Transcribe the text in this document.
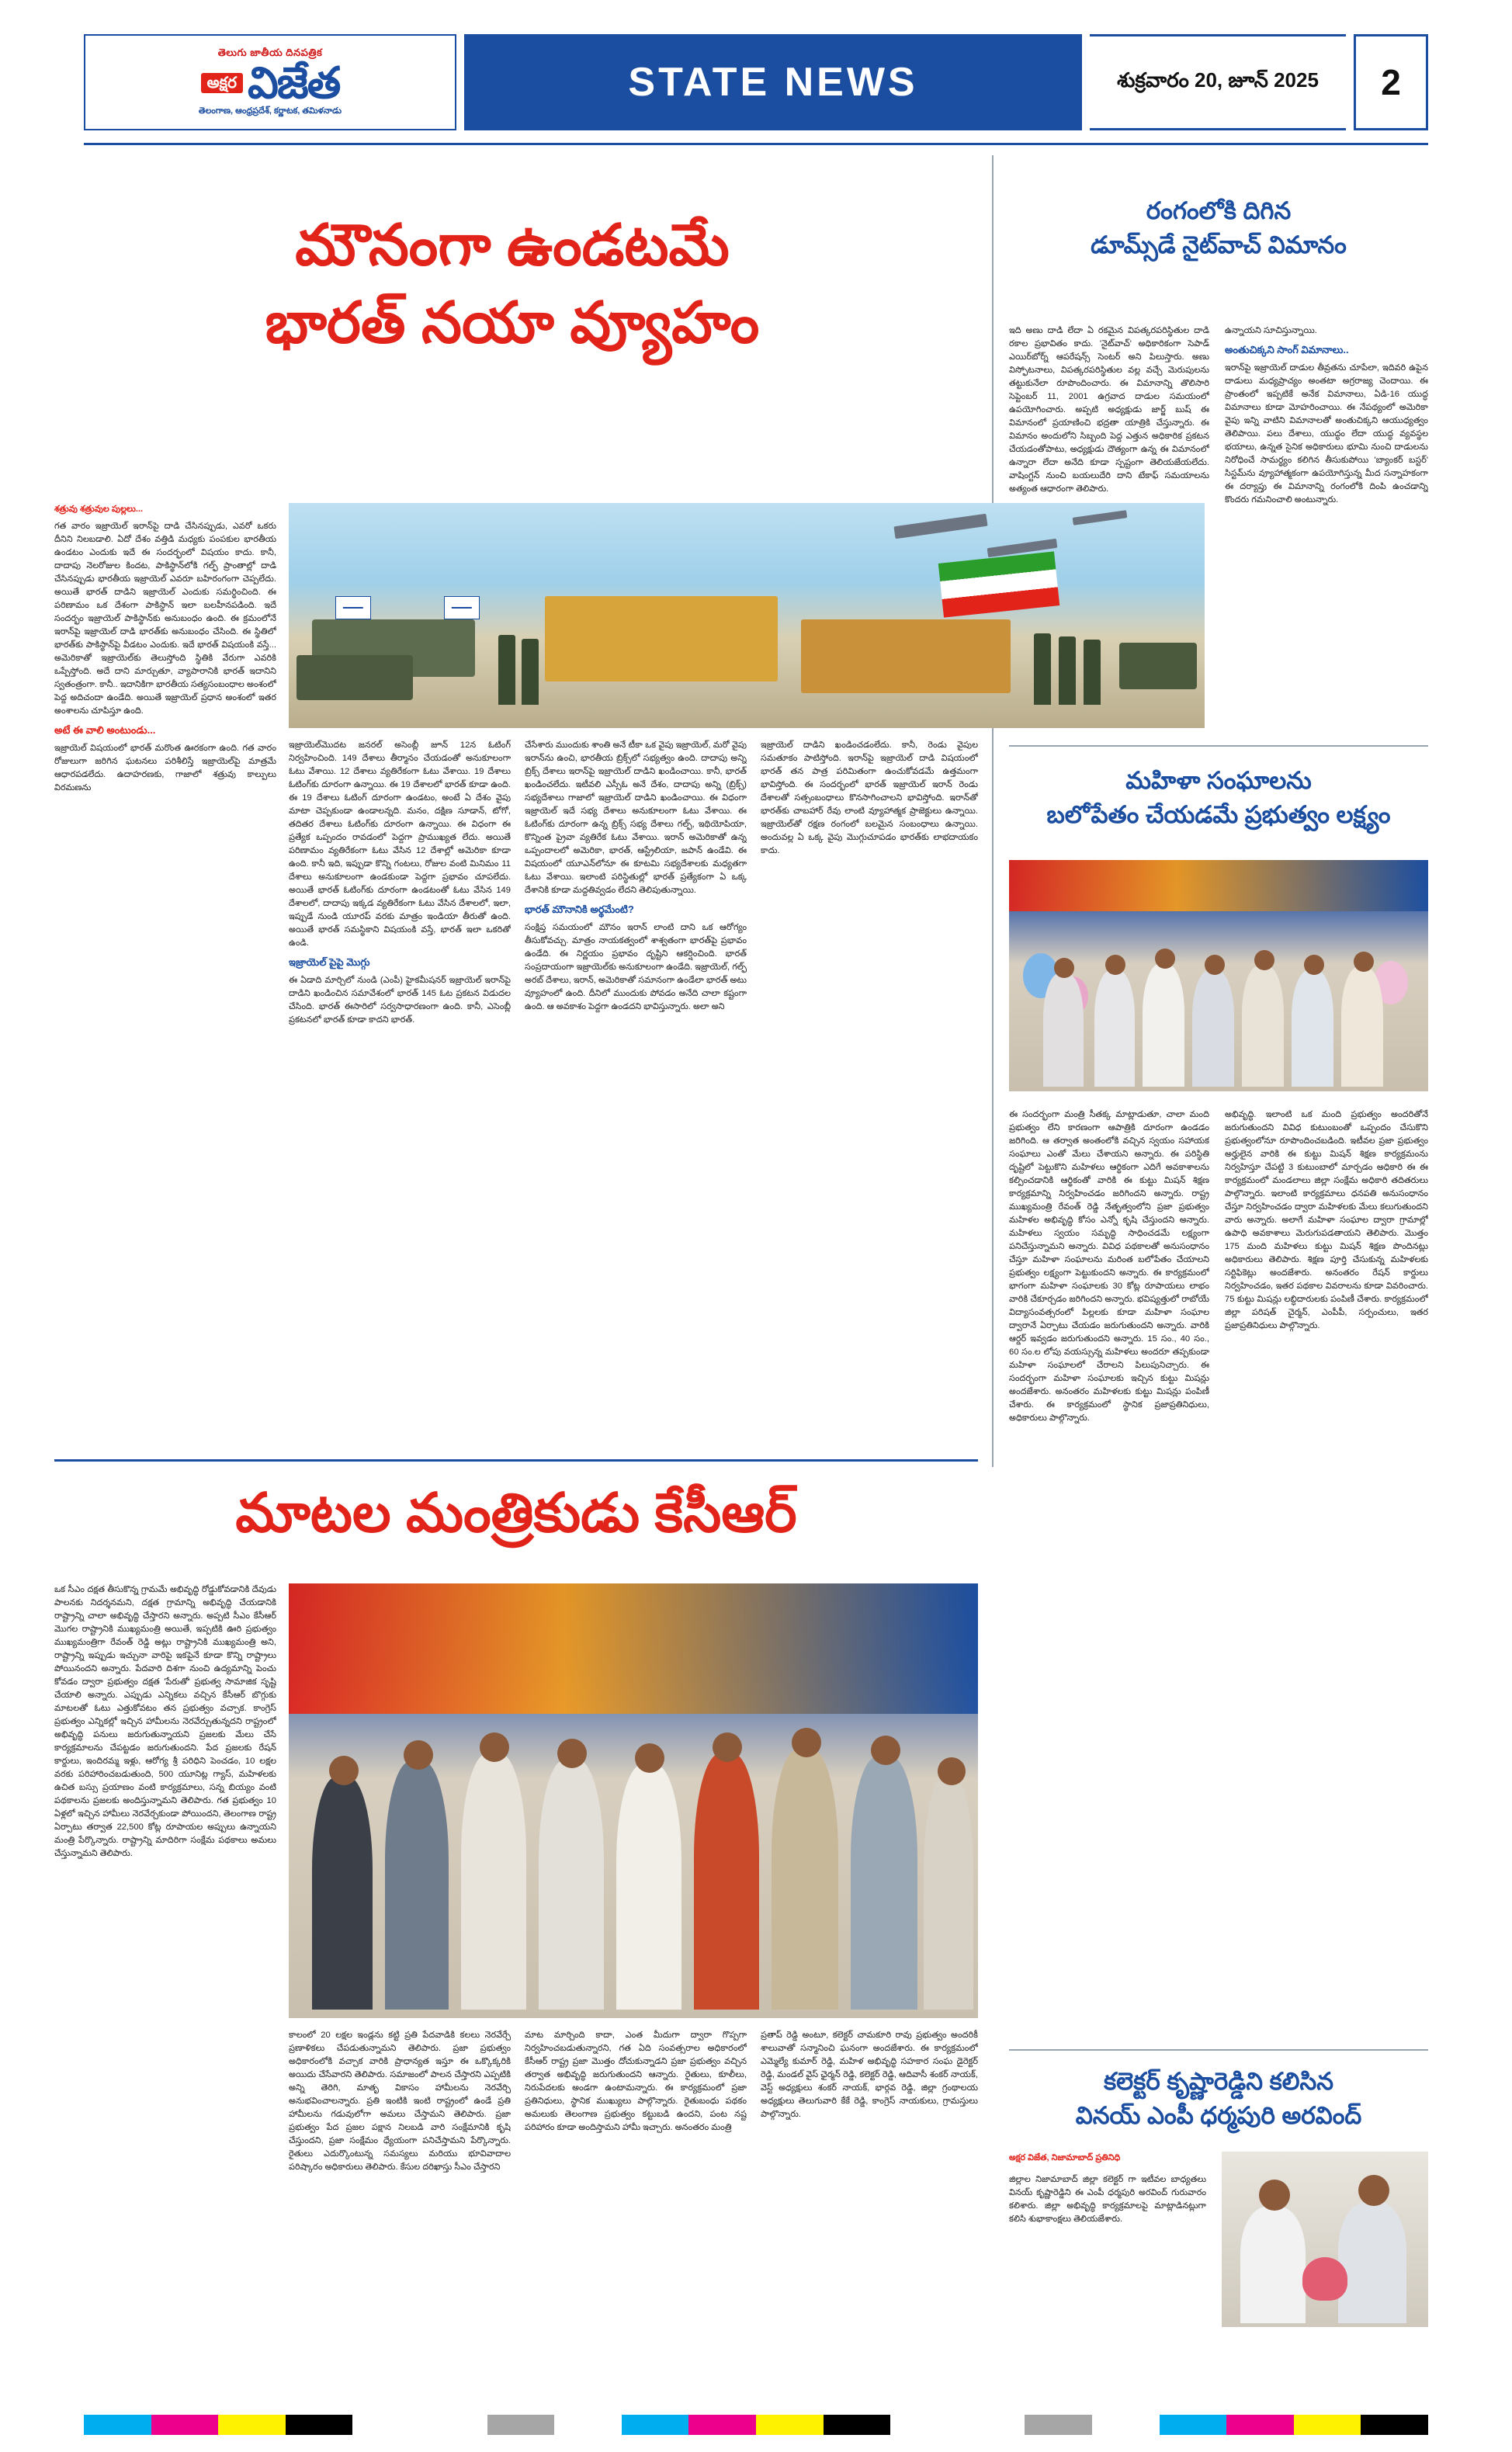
తెలుగు జాతీయ దినపత్రిక
అక్షర విజేత
తెలంగాణ, ఆంధ్రప్రదేశ్, కర్ణాటక, తమిళనాడు
STATE NEWS	శుక్రవారం 20, జూన్ 2025	2
మౌనంగా ఉండటమే
భారత్ నయా వ్యూహం

శత్రువు శత్రువుల పుల్లలు...

గత వారం ఇజ్రాయెల్ ఇరాన్‌పై దాడి చేసినప్పుడు, ఎవరో ఒకరు దీనిని నిలబడాలి. ఏదో దేశం వత్తిడి మధ్యకు పంపకుల భారతీయ ఉండటం ఎందుకు ఇదే ఈ సందర్భంలో విషయం కాదు. కానీ, దాదాపు నెలరోజుల కిందట, పాకిస్థాన్‌లోకి గల్ఫ్ ప్రాంతాల్లో దాడి చేసినప్పుడు భారతీయ ఇజ్రాయెల్ ఎవరూ బహిరంగంగా చెప్పలేదు. అయితే భారత్ దాడిని ఇజ్రాయెల్ ఎందుకు సమర్థించింది. ఈ పరిణామం ఒక దేశంగా పాకిస్థాన్ ఇలా బలహీనపడింది. ఇదే సందర్భం ఇజ్రాయెల్ పాకిస్థాన్‌కు అనుబంధం ఉంది. ఈ క్రమంలోనే ఇరాన్‌పై ఇజ్రాయెల్ దాడి భారత్‌కు అనుబంధం చేసింది. ఈ స్థితిలో భారత్‌కు పాకిస్థాన్‌పై వీడటం ఎందుకు. ఇదే భారత్ విషయంకి వస్తే... అమెరికాతో ఇజ్రాయెల్‌కు తెలుస్తోంది స్థితికి వేరుగా ఎవరికి ఒప్పేస్తోంది. అదే దాని మార్చుతూ, వ్యాపారానికి భారత్ ఇదానిని స్వతంత్రంగా. కానీ.. ఇదానికిగా భారతీయ సత్యసంబంధాల అంశంలో పెద్ద అదిచందా ఉండేది. అయితే ఇజ్రాయెల్ ప్రధాన అంశంలో ఇతర అంశాలను చూపిస్తూ ఉంది.

అటే ఈ వాలి అంటుండు...

ఇజ్రాయెల్ విషయంలో భారత్ మరొంత ఊరకంగా ఉంది. గత వారం రోజులుగా జరిగిన ఘటనలు పరిశీలిస్తే ఇజ్రాయెల్‌పై మాత్రమే ఆధారపడలేదు. ఉదాహరణకు, గాజాలో శత్రువు కాల్పులు విరమణను

ఇజ్రాయెల్‌మొదట జనరల్ అసెంబ్లీ జూన్ 12న ఓటింగ్ నిర్వహించింది. 149 దేశాలు తీర్మానం చేయడంతో అనుకూలంగా ఓటు వేశాయి. 12 దేశాలు వ్యతిరేకంగా ఓటు వేశాయి. 19 దేశాలు ఓటింగ్‌కు దూరంగా ఉన్నాయి. ఈ 19 దేశాలలో భారత్ కూడా ఉంది. ఈ 19 దేశాలు ఓటింగ్ దూరంగా ఉండటం, అంటే ఏ దేశం వైపు మాటా చెప్పకుండా ఉండాలన్నది. మనం, దక్షిణ సూడాన్, టోగో, తదితర దేశాలు ఓటింగ్‌కు దూరంగా ఉన్నాయి. ఈ విధంగా ఈ ప్రత్యేక ఒప్పందం రావడంలో పెద్దగా ప్రాముఖ్యత లేదు. అయితే పరిణామం వ్యతిరేకంగా ఓటు వేసిన 12 దేశాల్లో అమెరికా కూడా ఉంది. కానీ ఇది, ఇప్పుడా కొన్ని గంటలు, రోజుల వంటి మినిమం 11 దేశాలు అనుకూలంగా ఉండకుండా పెద్దగా ప్రభావం చూపలేదు. అయితే భారత్ ఓటింగ్‌కు దూరంగా ఉండటంతో ఓటు వేసిన 149 దేశాలలో, దాదాపు ఇక్కడ వ్యతిరేకంగా ఓటు వేసిన దేశాలలో, ఇలా, ఇప్పుడే నుండి యూరప్ వరకు మాత్రం ఇండియా తీరుతో ఉంది. అయితే భారత్ సమస్థికాని విషయంకి వస్తే, భారత్ ఇలా ఒకరితో ఉండి.

ఇజ్రాయెల్ పైపై మొగ్గు

ఈ ఏడాది మార్చిలో నుండి (ఎంపీ) హైకమీషనర్ ఇజ్రాయెల్ ఇరాన్‌పై దాడిని ఖండించిన సమావేశంలో భారత్ 145 ఓట ప్రకటన విడుదల చేసింది. భారత్ ఈసారిలో సర్వసాధారణంగా ఉంది. కానీ, ఎసెంబ్లీ ప్రకటనలో భారత్ కూడా కాదని భారత్.

చేసేశారు ముందుకు శాంతి అనే టీకా ఒక వైపు ఇజ్రాయెల్, మరో వైపు ఇరాన్‌ను ఉంచి, భారతీయ బ్రిక్స్‌లో సభ్యత్వం ఉంది. దాదాపు అన్ని బ్రిక్స్ దేశాలు ఇరాన్‌పై ఇజ్రాయెల్ దాడిని ఖండించాయి. కానీ, భారత్ ఖండించలేదు. ఇటీవలి ఎస్సీఓ అనే దేశం, దాదాపు అన్ని (బ్రిక్స్) సభ్యదేశాలు గాజాలో ఇజ్రాయెల్ దాడిని ఖండించాయి. ఈ విధంగా ఇజ్రాయెల్ ఇదే సభ్య దేశాలు అనుకూలంగా ఓటు వేశాయి. ఈ ఓటింగ్‌కు దూరంగా ఉన్న బ్రిక్స్ సభ్య దేశాలు గల్ఫ్, ఇథియోపియా, కొన్నింత ప్రైవా వ్యతిరేక ఓటు వేశాయి. ఇరాన్ అమెరికాతో ఉన్న ఒప్పందాలలో అమెరికా, భారత్, ఆస్ట్రేలియా, జపాన్ ఉండేవి. ఈ విషయంలో యూఎన్‌లోనూ ఈ కూటమి సభ్యదేశాలకు మధ్యతగా ఓటు వేశాయి. ఇలాంటి పరిస్థితుల్లో భారత్ ప్రత్యేకంగా ఏ ఒక్క దేశానికి కూడా మద్దతివ్వడం లేదని తెలిపుతున్నాయి.

భారత్ మౌనానికి అర్థమేంటి?

సంక్షిప్త సమయంలో మౌనం ఇరాన్ లాంటి దాని ఒక ఆరోగ్యం తీసుకోవచ్చు. మాత్రం నాయకత్వంలో శాశ్వతంగా భారత్‌పై ప్రభావం ఉండేది. ఈ నిర్ణయం ప్రభావం దృష్టిని ఆకర్షించింది. భారత్ సంప్రదాయంగా ఇజ్రాయెల్‌కు అనుకూలంగా ఉండేది. ఇజ్రాయెల్, గల్ఫ్ అరబ్ దేశాలు, ఇరాన్, అమెరికాతో సమానంగా ఉండేలా భారత్ అటు వ్యూహంలో ఉంది. దీనిలో ముందుకు పోవడం అనేది చాలా కష్టంగా ఉంది. ఆ అవకాశం పెద్దగా ఉండదని భావిస్తున్నారు. అలా అని

ఇజ్రాయెల్ దాడిని ఖండించడంలేదు. కానీ, రెండు వైపుల సమతూకం పాటిస్తోంది. ఇరాన్‌పై ఇజ్రాయెల్ దాడి విషయంలో భారత్ తన పాత్ర పరిమితంగా ఉంచుకోవడమే ఉత్తమంగా భావిస్తోంది. ఈ సందర్భంలో భారత్ ఇజ్రాయెల్ ఇరాన్ రెండు దేశాలతో సత్సంబంధాలు కొనసాగించాలని భావిస్తోంది. ఇరాన్‌తో భారత్‌కు చాబహార్ రేవు లాంటి వ్యూహాత్మక ప్రాజెక్టులు ఉన్నాయి. ఇజ్రాయెల్‌తో రక్షణ రంగంలో బలమైన సంబంధాలు ఉన్నాయి. అందువల్ల ఏ ఒక్క వైపు మొగ్గుచూపడం భారత్‌కు లాభదాయకం కాదు.

రంగంలోకి దిగిన
డూమ్స్‌డే నైట్‌వాచ్ విమానం

ఇది అణు దాడి లేదా ఏ రకమైన విపత్కరపరిస్థితుల దాడి రకాల ప్రభావితం కాదు. 'నైట్‌వాచ్' అధికారికంగా సెపాడ్ ఎయిర్‌బోర్న్ ఆపరేషన్స్ సెంటర్ అని పిలుస్తారు. అణు విస్ఫోటనాలు, విపత్కరపరిస్థితుల వల్ల వచ్చే మెరుపులను తట్టుకునేలా రూపొందించారు. ఈ విమానాన్ని తొలిసారి సెప్టెంబర్ 11, 2001 ఉగ్రవాద దాడుల సమయంలో ఉపయోగించారు. అప్పటి అధ్యక్షుడు జార్జ్ బుష్ ఈ విమానంలో ప్రయాణించి భద్రతా యాత్రికి చేస్తున్నారు. ఈ విమానం అందులోని సిబ్బంది పెద్ద ఎత్తున అధికారిక ప్రకటన చేయడంతోపాటు, అధ్యక్షుడు దౌత్యంగా ఉన్న ఈ విమానంలో ఉన్నారా లేదా అనేది కూడా స్పష్టంగా తెలియజేయలేదు. వాషింగ్టన్ నుంచి బయలుదేరి దాని టేకాఫ్ సమయాలను అత్యంత ఆధారంగా తెలిపారు.

ఉన్నాయని సూచిస్తున్నాయి.

అంతుచిక్కని సాంగ్ విమానాలు..

ఇరాన్‌పై ఇజ్రాయెల్ దాడుల తీవ్రతను చూపేలా, ఇదివరి ఉపైన దాడులు మధ్యప్రాచ్యం అంతటా అగ్రరాజ్య చెందాయి. ఈ ప్రాంతంలో ఇప్పటికే అనేక విమానాలు, ఏడి-16 యుద్ధ విమానాలు కూడా మోహరించాయి. ఈ నేపథ్యంలో అమెరికా వైపు ఇన్ని వాటిని విమానాలతో అంతుచిక్కని ఆయుధ్యత్వం తెలిపాయి. పలు దేశాలు, యుద్ధం లేదా యుద్ధ వ్యవస్థల భయాలు, ఉన్నత సైనిక అధికారులు భూమి నుంచి దాడులను నిరోధించే సామర్థ్యం కలిగిన తీసుకుపోయి 'బ్యాంకర్ బస్టర్' సిస్టమ్‌ను వ్యూహాత్మకంగా ఉపయోగిస్తున్న మీద సన్నాహకంగా ఈ దర్యాప్తు ఈ విమానాన్ని రంగంలోకి దింపి ఉంచడాన్ని కొందరు గమనించాలి అంటున్నారు.

మహిళా సంఘాలను
బలోపేతం చేయడమే ప్రభుత్వం లక్ష్యం

ఈ సందర్భంగా మంత్రి సీతక్క మాట్లాడుతూ, చాలా మంది ప్రభుత్వం లేని కారణంగా ఆపాత్రికి దూరంగా ఉండడం జరిగింది. ఆ తర్వాత అంతంలోకి వచ్చిన స్వయం సహాయక సంఘాలు ఎంతో మేలు చేశాయని అన్నారు. ఈ పరిస్థితి దృష్టిలో పెట్టుకొని మహిళలు ఆర్థికంగా ఎదిగే అవకాశాలను కల్పించడానికి ఆర్థికంతో వారికి ఈ కుట్టు మిషన్ శిక్షణ కార్యక్రమాన్ని నిర్వహించడం జరిగిందని అన్నారు. రాష్ట్ర ముఖ్యమంత్రి రేవంత్ రెడ్డి నేతృత్వంలోని ప్రజా ప్రభుత్వం మహిళల అభివృద్ధి కోసం ఎన్నో కృషి చేస్తుందని అన్నారు. మహిళలు స్వయం సమృద్ధి సాధించడమే లక్ష్యంగా పనిచేస్తున్నామని అన్నారు. వివిధ పథకాలతో అనుసంధానం చేస్తూ మహిళా సంఘాలను మరింత బలోపేతం చేయాలని ప్రభుత్వం లక్ష్యంగా పెట్టుకుందని అన్నారు. ఈ కార్యక్రమంలో భాగంగా మహిళా సంఘాలకు 30 కోట్ల రూపాయలు లాభం వారికి చేకూర్చడం జరిగిందని అన్నారు. భవిష్యత్తులో రాబోయే విద్యాసంవత్సరంలో పిల్లలకు కూడా మహిళా సంఘాల ద్వారానే ఏర్పాటు చేయడం జరుగుతుందని అన్నారు. వారికి ఆర్డర్ ఇవ్వడం జరుగుతుందని అన్నారు. 15 సం., 40 సం., 60 సం.ల లోపు వయస్సున్న మహిళలు అందరూ తప్పకుండా మహిళా సంఘాలలో చేరాలని పిలుపునిచ్చారు. ఈ సందర్భంగా మహిళా సంఘాలకు ఇచ్చిన కుట్టు మిషన్లు అందజేశారు. అనంతరం మహిళలకు కుట్టు మిషన్లు పంపిణీ చేశారు. ఈ కార్యక్రమంలో స్థానిక ప్రజాప్రతినిధులు, అధికారులు పాల్గొన్నారు.

అభివృద్ధి. ఇలాంటి ఒక మంది ప్రభుత్వం అందరితోనే జరుగుతుందని వివిధ కుటుంబంతో ఒప్పందం చేసుకొని ప్రభుత్వంలోనూ రూపొందించబడింది. ఇటీవల ప్రజా ప్రభుత్వం అర్హులైన వారికి ఈ కుట్టు మిషన్ శిక్షణ కార్యక్రమంను నిర్వహిస్తూ చేపట్టి 3 కుటుంబాలో మార్చడం అధికారి ఈ ఈ కార్యక్రమంలో మండలాలు జిల్లా సంక్షేమ అధికారి తదితరులు పాల్గొన్నారు. ఇలాంటి కార్యక్రమాలు ధనపతి అనుసంధానం చేస్తూ నిర్వహించడం ద్వారా మహిళలకు మేలు కలుగుతుందని వారు అన్నారు. అలాగే మహిళా సంఘాల ద్వారా గ్రామాల్లో ఉపాధి అవకాశాలు మెరుగుపడతాయని తెలిపారు. మొత్తం 175 మంది మహిళలు కుట్టు మిషన్ శిక్షణ పొందినట్లు అధికారులు తెలిపారు. శిక్షణ పూర్తి చేసుకున్న మహిళలకు సర్టిఫికెట్లు అందజేశారు. అనంతరం రేషన్ కార్డులు నిర్వహించడం, ఇతర పథకాల వివరాలను కూడా వివరించారు. 75 కుట్టు మిషన్లు లబ్ధిదారులకు పంపిణీ చేశారు. కార్యక్రమంలో జిల్లా పరిషత్ చైర్మన్, ఎంపీపీ, సర్పంచులు, ఇతర ప్రజాప్రతినిధులు పాల్గొన్నారు.

మాటల మంత్రికుడు కేసీఆర్

ఒక సీఎం దక్షత తీసుకొన్న గ్రామమే అభివృద్ధి రోడ్డుకోవడానికి దేవుడు పాలనకు నిదర్శనమని, దక్షత గ్రామాన్ని అభివృద్ధి చేయడానికి రాష్ట్రాన్ని చాలా అభివృద్ధి చేస్తారని అన్నారు. అప్పటి సీఎం కేసీఆర్ మొగల రాష్ట్రానికి ముఖ్యమంత్రి అయితే, ఇప్పటికి ఊరి ప్రభుత్వం ముఖ్యమంత్రిగా రేవంత్ రెడ్డి అట్లు రాష్ట్రానికి ముఖ్యమంత్రి అని, రాష్ట్రాన్ని ఇప్పుడు ఇచ్చునా వారిపై ఇకపైనే కూడా కొన్ని రాష్ట్రాలు పోయినందని అన్నారు. పేదవారి దిశగా నుంచి ఉద్యమాన్ని పెంచు కోవడం ద్వారా ప్రభుత్వం దక్షత 'పేరుతో' ప్రభుత్వ సామాజిక సృష్టి చేయాలి అన్నారు. ఎప్పుడు ఎన్నికలు వచ్చిన కేసీఆర్ బొగ్గుకు మాటలతో ఓటు ఎత్తుకోవటం తన ప్రభుత్వం వచ్చాక. కాంగ్రెస్ ప్రభుత్వం ఎన్నికల్లో ఇచ్చిన హామీలను నెరవేర్చుతున్నదని రాష్ట్రంలో అభివృద్ధి పనులు జరుగుతున్నాయని ప్రజలకు మేలు చేసే కార్యక్రమాలను చేపట్టడం జరుగుతుందని. పేద ప్రజలకు రేషన్ కార్డులు, ఇందిరమ్మ ఇళ్లు, ఆరోగ్య శ్రీ పరిధిని పెంచడం, 10 లక్షల వరకు పరిహారించబడుతుంది, 500 యూనిట్ల గ్యాస్, మహిళలకు ఉచిత బస్సు ప్రయాణం వంటి కార్యక్రమాలు, సన్న బియ్యం వంటి పథకాలను ప్రజలకు అందిస్తున్నామని తెలిపారు. గత ప్రభుత్వం 10 ఏళ్లలో ఇచ్చిన హామీలు నెరవేర్చకుండా పోయిందని, తెలంగాణ రాష్ట్ర ఏర్పాటు తర్వాత 22,500 కోట్ల రూపాయల అప్పులు ఉన్నాయని మంత్రి పేర్కొన్నారు. రాష్ట్రాన్ని మాదిరిగా సంక్షేమ పథకాలు అమలు చేస్తున్నామని తెలిపారు.

కాలంలో 20 లక్షల ఇండ్లను కట్టి ప్రతి పేదవాడికి కలలు నెరవేర్చే ప్రణాళికలు చేపడుతున్నామని తెలిపారు. ప్రజా ప్రభుత్వం అధికారంలోకి వచ్చాక వారికి ప్రాధాన్యత ఇస్తూ ఈ ఒక్కొక్కరికి అయిదు చేసేవారని తెలిపారు. సమాజంలో పాలన చేస్తారని ఎప్పటికి అన్ని తెరిగి, మాతృ వికాసం హామీలను నెరవేర్చి అనుభవించాలన్నారు. ప్రతి ఇంటికి ఇంటి రాష్ట్రంలో ఉండే ప్రతి హామీలను గడువులోగా అమలు చేస్తామని తెలిపారు. ప్రజా ప్రభుత్వం పేద ప్రజల పక్షాన నిలబడి వారి సంక్షేమానికి కృషి చేస్తుందని, ప్రజా సంక్షేమం ధ్యేయంగా పనిచేస్తామని పేర్కొన్నారు. రైతులు ఎదుర్కొంటున్న సమస్యలు మరియు భూవివాదాల పరిష్కారం అధికారులు తెలిపారు. కేసుల దరిఖాస్తు సీఎం చేస్తారని

మాట మార్చింది కాదా, ఎంత మీదుగా ద్వారా గొప్పగా నిర్వహించబడుతున్నారని, గత ఏది సంవత్సరాల అధికారంలో కేసీఆర్ రాష్ట్ర ప్రజా మొత్తం దోచుకున్నాడని ప్రజా ప్రభుత్వం వచ్చిన తర్వాత అభివృద్ధి జరుగుతుందని ఆన్నారు. రైతులు, కూలీలు, నిరుపేదలకు అండగా ఉంటామన్నారు. ఈ కార్యక్రమంలో ప్రజా ప్రతినిధులు, స్థానిక ముఖ్యులు పాల్గొన్నారు. రైతుబంధు పథకం అమలుకు తెలంగాణ ప్రభుత్వం కట్టుబడి ఉందని, పంట నష్ట పరిహారం కూడా అందిస్తామని హామీ ఇచ్చారు. అనంతరం మంత్రి

ప్రతాప్ రెడ్డి అంటూ, కలెక్టర్ చామకూరి రావు ప్రభుత్వం అందరికీ శాలువాతో సన్మానించి ఘనంగా అందజేశారు. ఈ కార్యక్రమంలో ఎమ్మెల్యే కుమార్ రెడ్డి, మహిళ అభివృద్ధి సహకార సంఘ డైరెక్టర్ రెడ్డి, మండల్ వైస్ ఛైర్మన్ రెడ్డి, కలెక్టర్ రెడ్డి, ఆదివాసీ శంకర్ నాయక్, వెస్ట్ అధ్యక్షులు శంకర్ నాయక్, భార్గవ రెడ్డి, జిల్లా గ్రంథాలయ అధ్యక్షులు తెలుగువారి కేకే రెడ్డి, కాంగ్రెస్ నాయకులు, గ్రామస్తులు పాల్గొన్నారు.

కలెక్టర్ కృష్ణారెడ్డిని కలిసిన
వినయ్ ఎంపీ ధర్మపురి అరవింద్

అక్షర విజేత, నిజామాబాద్ ప్రతినిధి

జిల్లాల నిజామాబాద్ జిల్లా కలెక్టర్ గా ఇటీవల బాధ్యతలు వినయ్ కృష్ణారెడ్డిని ఈ ఎంపీ ధర్మపురి అరవింద్ గురువారం కలిశారు. జిల్లా అభివృద్ధి కార్యక్రమాలపై మాట్లాడినట్లుగా కలిసి శుభాకాంక్షలు తెలియజేశారు.
